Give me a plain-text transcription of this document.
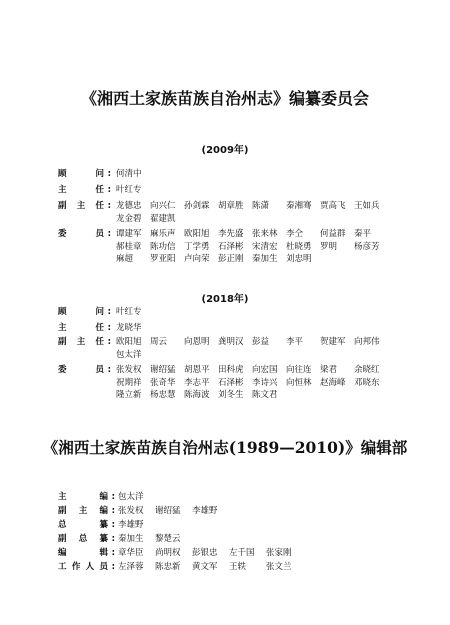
《湘西土家族苗族自治州志》编纂委员会
(2009年)
顾	问 : 何清中
主	任 : 叶红专
副 主 任 : 龙德忠 向兴仁 孙剑霖 胡章胜 陈潇 秦湘骞 贾高飞 王如兵
龙金碧 翟建凯
委	员 : 谭建军 麻乐声 欧阳旭 李先盛 张来林 李仝 何益群 秦平
郝桂章 陈功信 丁学勇 石泽彬 宋清宏 杜晓勇 罗明 杨彦芳
麻超 罗亚阳 卢向荣 彭正刚 秦加生 刘忠明
(2018年)
顾	问 : 叶红专
主	任 : 龙晓华
副 主 任 : 欧阳旭 周云 向恩明 龚明汉 彭益 李平 贺建军 向邦伟
包太洋
委	员 : 张发权 谢绍猛 胡恩平 田科虎 向宏国 向往连 梁君 余晓红
祝期祥 张奇华 李志平 石泽彬 李诗兴 向恒林 赵海峰 邓晓东
隆立新 杨忠慧 陈海波 刘冬生 陈文君
《湘西土家族苗族自治州志(1989—2010)》编辑部
主	编 : 包太洋
副 主 编 : 张发权 谢绍猛 李雄野
总	纂 : 李雄野
副 总 纂 : 秦加生 黎楚云
编	辑 : 章华臣 尚明权 彭银忠 左千国 张家刚
工 作 人 员 : 左泽蓉 陈忠新 黄文军 王轶 张文兰
